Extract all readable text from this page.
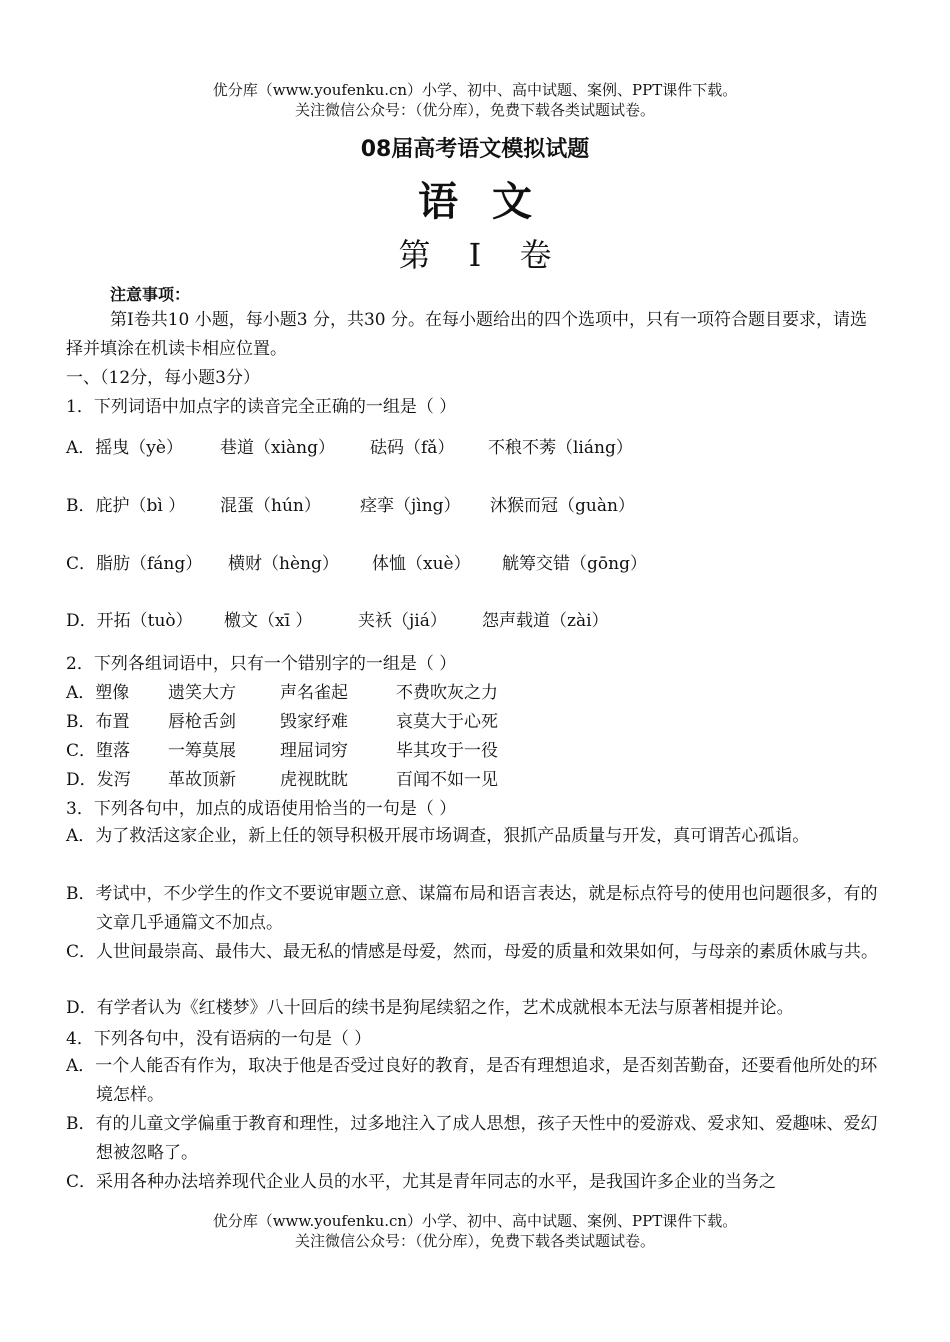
优分库（www.youfenku.cn）小学、初中、高中试题、案例、PPT课件下载。
关注微信公众号：（优分库），免费下载各类试题试卷。
08届高考语文模拟试题
语文
第 I 卷
注意事项：
第Ⅰ卷共10 小题，每小题3 分，共30 分。在每小题给出的四个选项中，只有一项符合题目要求，请选择并填涂在机读卡相应位置。
一、（12分，每小题3分）
1．下列词语中加点字的读音完全正确的一组是（ ）
A．摇曳（yè） 巷道（xiàng） 砝码（fǎ） 不稂不莠（liáng）
B．庇护（bì ） 混蛋（hún） 痉挛（jìng） 沐猴而冠（guàn）
C．脂肪（fáng） 横财（hèng） 体恤（xuè） 觥筹交错（gōng）
D．开拓（tuò） 檄文（xī ）	夹袄（jiá） 怨声载道（zài）
2．下列各组词语中，只有一个错别字的一组是（ ）
A．塑像 遗笑大方	声名雀起	不费吹灰之力
B．布置 唇枪舌剑	毁家纾难	哀莫大于心死
C．堕落 一筹莫展	理屈词穷	毕其攻于一役
D．发泻 革故顶新	虎视眈眈	百闻不如一见
3．下列各句中，加点的成语使用恰当的一句是（ ）
A．为了救活这家企业，新上任的领导积极开展市场调查，狠抓产品质量与开发，真可谓苦心孤诣。
B．考试中，不少学生的作文不要说审题立意、谋篇布局和语言表达，就是标点符号的使用也问题很多，有的文章几乎通篇文不加点。
C．人世间最崇高、最伟大、最无私的情感是母爱，然而，母爱的质量和效果如何，与母亲的素质休戚与共。
D．有学者认为《红楼梦》八十回后的续书是狗尾续貂之作，艺术成就根本无法与原著相提并论。
4．下列各句中，没有语病的一句是（ ）
A．一个人能否有作为，取决于他是否受过良好的教育，是否有理想追求，是否刻苦勤奋，还要看他所处的环境怎样。
B．有的儿童文学偏重于教育和理性，过多地注入了成人思想，孩子天性中的爱游戏、爱求知、爱趣味、爱幻想被忽略了。
C．采用各种办法培养现代企业人员的水平，尤其是青年同志的水平，是我国许多企业的当务之
优分库（www.youfenku.cn）小学、初中、高中试题、案例、PPT课件下载。
关注微信公众号：（优分库），免费下载各类试题试卷。
